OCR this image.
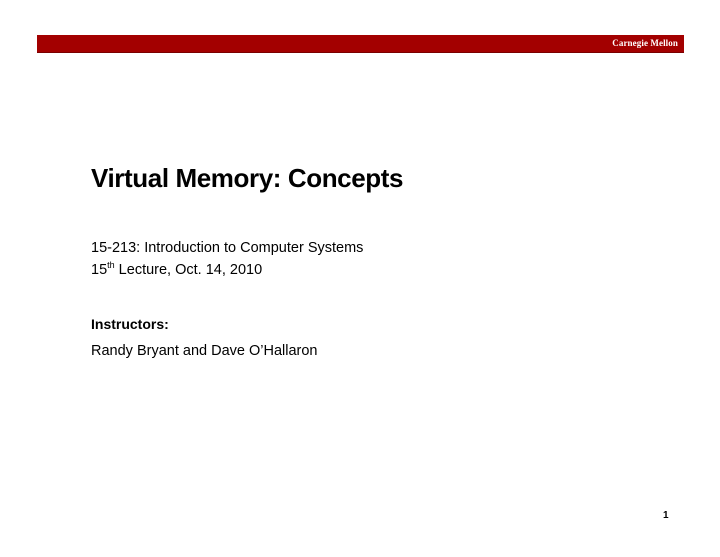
Carnegie Mellon
Virtual Memory: Concepts
15-213: Introduction to Computer Systems
15th Lecture, Oct. 14, 2010
Instructors:
Randy Bryant and Dave O’Hallaron
1
